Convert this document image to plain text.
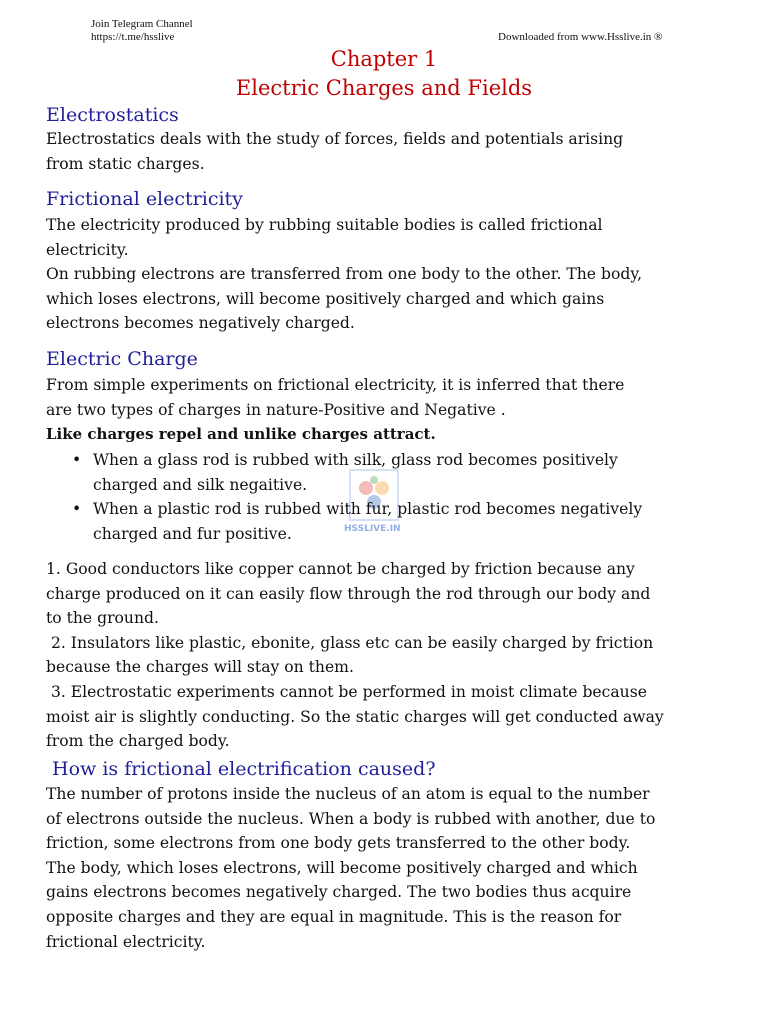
Join Telegram Channel
https://t.me/hsslive	Downloaded from www.Hsslive.in ®
Chapter 1
Electric Charges and Fields
Electrostatics
Electrostatics deals with the study of forces, fields and potentials arising
from static charges.
Frictional electricity
The electricity produced by rubbing suitable bodies is called frictional
electricity.
On rubbing electrons are transferred from one body to the other. The body,
which loses electrons, will become positively charged and which gains
electrons becomes negatively charged.
Electric Charge
From simple experiments on frictional electricity, it is inferred that there
are two types of charges in nature-Positive and Negative .
Like charges repel and unlike charges attract.
HSSLIVE.IN
• When a glass rod is rubbed with silk, glass rod becomes positively
charged and silk negaitive.
• When a plastic rod is rubbed with fur, plastic rod becomes negatively
charged and fur positive.
1. Good conductors like copper cannot be charged by friction because any
charge produced on it can easily flow through the rod through our body and
to the ground.
2. Insulators like plastic, ebonite, glass etc can be easily charged by friction
because the charges will stay on them.
3. Electrostatic experiments cannot be performed in moist climate because
moist air is slightly conducting. So the static charges will get conducted away
from the charged body.
How is frictional electrification caused?
The number of protons inside the nucleus of an atom is equal to the number
of electrons outside the nucleus. When a body is rubbed with another, due to
friction, some electrons from one body gets transferred to the other body.
The body, which loses electrons, will become positively charged and which
gains electrons becomes negatively charged. The two bodies thus acquire
opposite charges and they are equal in magnitude. This is the reason for
frictional electricity.
